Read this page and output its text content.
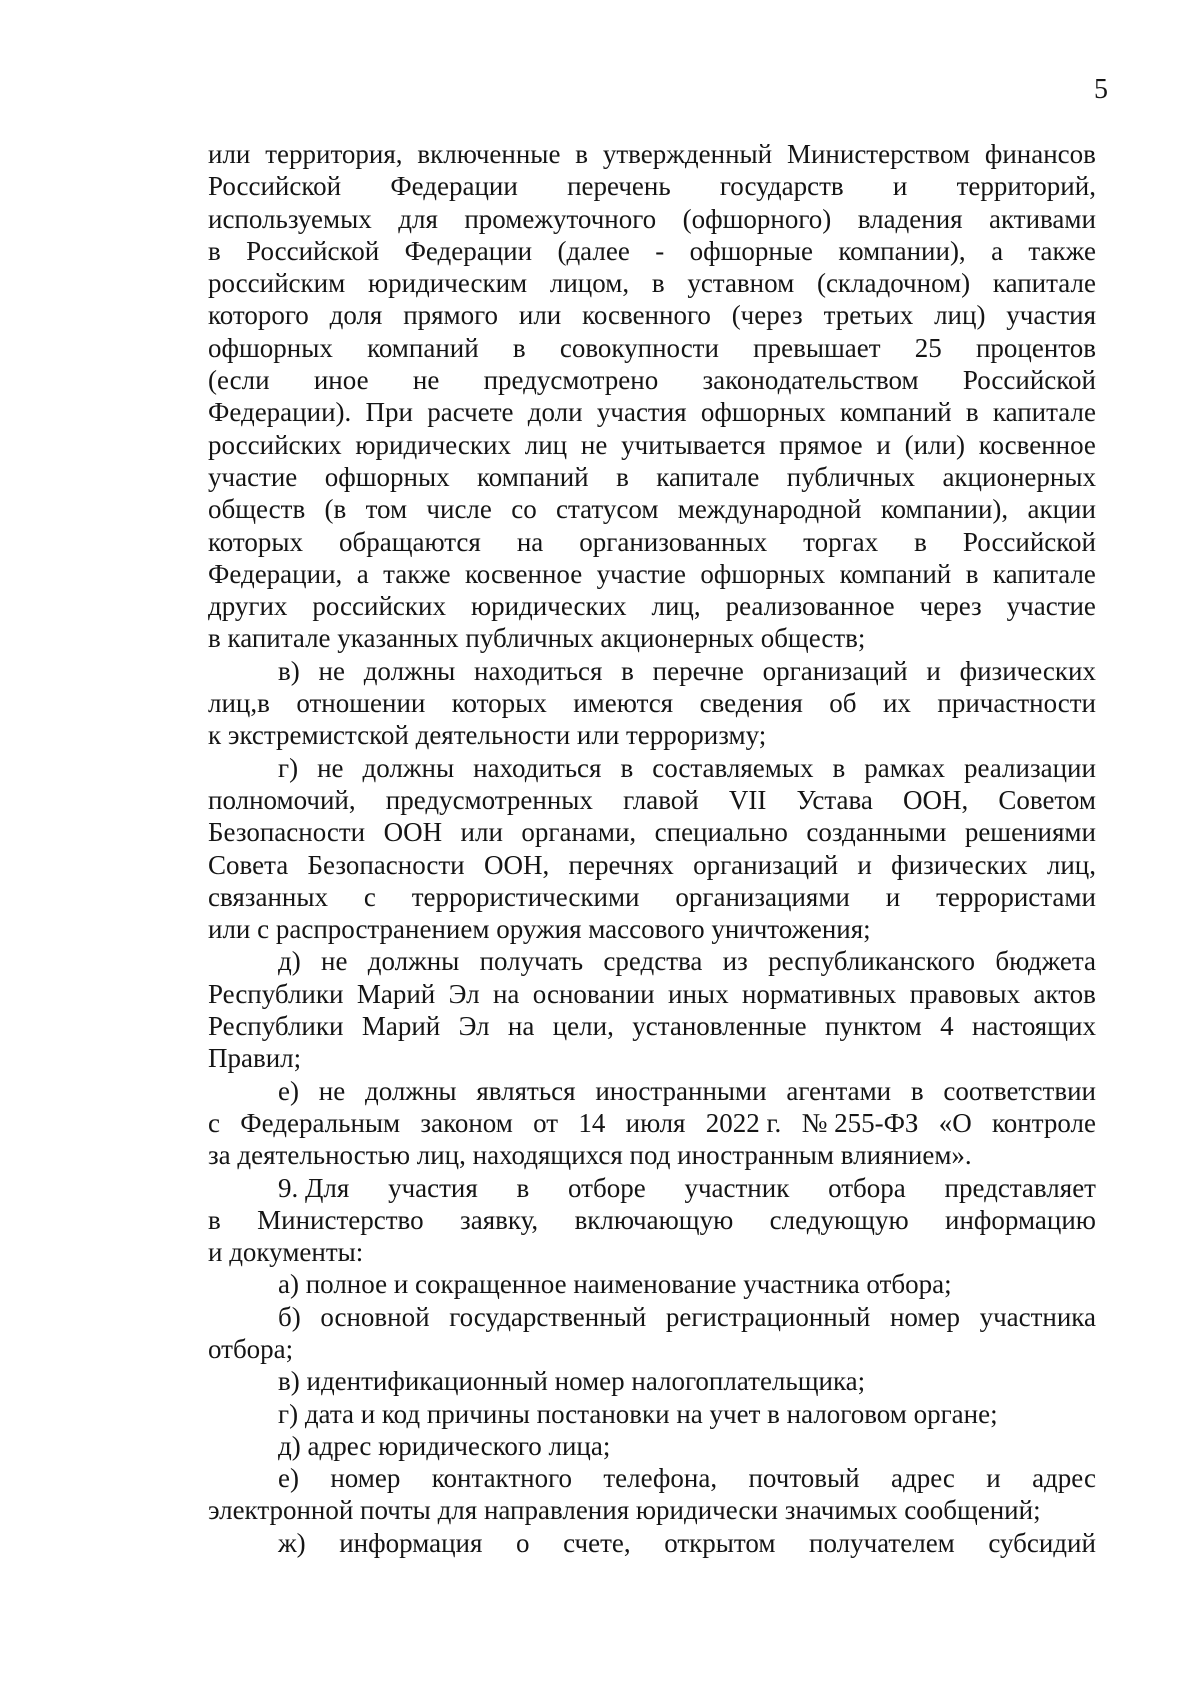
5
или территория, включенные в утвержденный Министерством финансов
Российской Федерации перечень государств и территорий,
используемых для промежуточного (офшорного) владения активами
в Российской Федерации (далее - офшорные компании), а также
российским юридическим лицом, в уставном (складочном) капитале
которого доля прямого или косвенного (через третьих лиц) участия
офшорных компаний в совокупности превышает 25 процентов
(если иное не предусмотрено законодательством Российской
Федерации). При расчете доли участия офшорных компаний в капитале
российских юридических лиц не учитывается прямое и (или) косвенное
участие офшорных компаний в капитале публичных акционерных
обществ (в том числе со статусом международной компании), акции
которых обращаются на организованных торгах в Российской
Федерации, а также косвенное участие офшорных компаний в капитале
других российских юридических лиц, реализованное через участие
в капитале указанных публичных акционерных обществ;
в) не должны находиться в перечне организаций и физических
лиц,в отношении которых имеются сведения об их причастности
к экстремистской деятельности или терроризму;
г) не должны находиться в составляемых в рамках реализации
полномочий, предусмотренных главой VII Устава ООН, Советом
Безопасности ООН или органами, специально созданными решениями
Совета Безопасности ООН, перечнях организаций и физических лиц,
связанных с террористическими организациями и террористами
или с распространением оружия массового уничтожения;
д) не должны получать средства из республиканского бюджета
Республики Марий Эл на основании иных нормативных правовых актов
Республики Марий Эл на цели, установленные пунктом 4 настоящих
Правил;
е) не должны являться иностранными агентами в соответствии
с Федеральным законом от 14 июля 2022 г. № 255-ФЗ «О контроле
за деятельностью лиц, находящихся под иностранным влиянием».
9. Для участия в отборе участник отбора представляет
в Министерство заявку, включающую следующую информацию
и документы:
а) полное и сокращенное наименование участника отбора;
б) основной государственный регистрационный номер участника
отбора;
в) идентификационный номер налогоплательщика;
г) дата и код причины постановки на учет в налоговом органе;
д) адрес юридического лица;
е) номер контактного телефона, почтовый адрес и адрес
электронной почты для направления юридически значимых сообщений;
ж) информация о счете, открытом получателем субсидий
